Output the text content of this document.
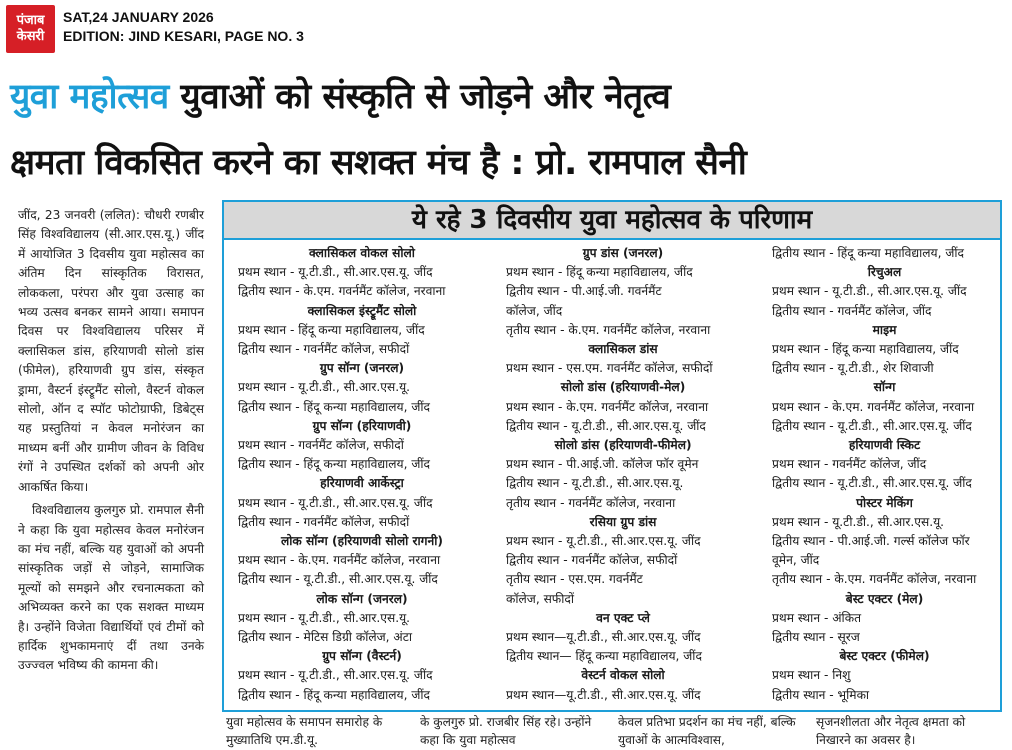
पंजाब
केसरी
SAT,24 JANUARY 2026
EDITION: JIND KESARI, PAGE NO. 3
युवा महोत्सव युवाओं को संस्कृति से जोड़ने और नेतृत्व
क्षमता विकसित करने का सशक्त मंच है : प्रो. रामपाल सैनी

जींद, 23 जनवरी (ललित): चौधरी रणबीर सिंह विश्वविद्यालय (सी.आर.एस.यू.) जींद में आयोजित 3 दिवसीय युवा महोत्सव का अंतिम दिन सांस्कृतिक विरासत, लोककला, परंपरा और युवा उत्साह का भव्य उत्सव बनकर सामने आया। समापन दिवस पर विश्वविद्यालय परिसर में क्लासिकल डांस, हरियाणवी सोलो डांस (फीमेल), हरियाणवी ग्रुप डांस, संस्कृत ड्रामा, वैस्टर्न इंस्ट्रूमैंट सोलो, वैस्टर्न वोकल सोलो, ऑन द स्पॉट फोटोग्राफी, डिबेट्स यह प्रस्तुतियां न केवल मनोरंजन का माध्यम बनीं और ग्रामीण जीवन के विविध रंगों ने उपस्थित दर्शकों को अपनी ओर आकर्षित किया।

विश्वविद्यालय कुलगुरु प्रो. रामपाल सैनी ने कहा कि युवा महोत्सव केवल मनोरंजन का मंच नहीं, बल्कि यह युवाओं को अपनी सांस्कृतिक जड़ों से जोड़ने, सामाजिक मूल्यों को समझने और रचनात्मकता को अभिव्यक्त करने का एक सशक्त माध्यम है। उन्होंने विजेता विद्यार्थियों एवं टीमों को हार्दिक शुभकामनाएं दीं तथा उनके उज्ज्वल भविष्य की कामना की।

ये रहे 3 दिवसीय युवा महोत्सव के परिणाम
क्लासिकल वोकल सोलो
प्रथम स्थान - यू.टी.डी., सी.आर.एस.यू. जींद
द्वितीय स्थान - के.एम. गवर्नमैंट कॉलेज, नरवाना
क्लासिकल इंस्ट्रूमैंट सोलो
प्रथम स्थान - हिंदू कन्या महाविद्यालय, जींद
द्वितीय स्थान - गवर्नमैंट कॉलेज, सफीदों
ग्रुप सॉन्ग (जनरल)
प्रथम स्थान - यू.टी.डी., सी.आर.एस.यू.
द्वितीय स्थान - हिंदू कन्या महाविद्यालय, जींद
ग्रुप सॉन्ग (हरियाणवी)
प्रथम स्थान - गवर्नमैंट कॉलेज, सफीदों
द्वितीय स्थान - हिंदू कन्या महाविद्यालय, जींद
हरियाणवी आर्केस्ट्रा
प्रथम स्थान - यू.टी.डी., सी.आर.एस.यू. जींद
द्वितीय स्थान - गवर्नमैंट कॉलेज, सफीदों
लोक सॉन्ग (हरियाणवी सोलो रागनी)
प्रथम स्थान - के.एम. गवर्नमैंट कॉलेज, नरवाना
द्वितीय स्थान - यू.टी.डी., सी.आर.एस.यू. जींद
लोक सॉन्ग (जनरल)
प्रथम स्थान - यू.टी.डी., सी.आर.एस.यू.
द्वितीय स्थान - मेटिस डिग्री कॉलेज, अंटा
ग्रुप सॉन्ग (वैस्टर्न)
प्रथम स्थान - यू.टी.डी., सी.आर.एस.यू. जींद
द्वितीय स्थान - हिंदू कन्या महाविद्यालय, जींद
ग्रुप डांस (जनरल)
प्रथम स्थान - हिंदू कन्या महाविद्यालय, जींद
द्वितीय स्थान - पी.आई.जी. गवर्नमैंट
कॉलेज, जींद
तृतीय स्थान - के.एम. गवर्नमैंट कॉलेज, नरवाना
क्लासिकल डांस
प्रथम स्थान - एस.एम. गवर्नमैंट कॉलेज, सफीदों
सोलो डांस (हरियाणवी-मेल)
प्रथम स्थान - के.एम. गवर्नमैंट कॉलेज, नरवाना
द्वितीय स्थान - यू.टी.डी., सी.आर.एस.यू. जींद
सोलो डांस (हरियाणवी-फीमेल)
प्रथम स्थान - पी.आई.जी. कॉलेज फॉर वूमेन
द्वितीय स्थान - यू.टी.डी., सी.आर.एस.यू.
तृतीय स्थान - गवर्नमैंट कॉलेज, नरवाना
रसिया ग्रुप डांस
प्रथम स्थान - यू.टी.डी., सी.आर.एस.यू. जींद
द्वितीय स्थान - गवर्नमैंट कॉलेज, सफीदों
तृतीय स्थान - एस.एम. गवर्नमैंट
कॉलेज, सफीदों
वन एक्ट प्ले
प्रथम स्थान—यू.टी.डी., सी.आर.एस.यू. जींद
द्वितीय स्थान— हिंदू कन्या महाविद्यालय, जींद
वेस्टर्न वोकल सोलो
प्रथम स्थान—यू.टी.डी., सी.आर.एस.यू. जींद
द्वितीय स्थान - हिंदू कन्या महाविद्यालय, जींद
रिचुअल
प्रथम स्थान - यू.टी.डी., सी.आर.एस.यू. जींद
द्वितीय स्थान - गवर्नमैंट कॉलेज, जींद
माइम
प्रथम स्थान - हिंदू कन्या महाविद्यालय, जींद
द्वितीय स्थान - यू.टी.डी., शेर शिवाजी
सॉन्ग
प्रथम स्थान - के.एम. गवर्नमैंट कॉलेज, नरवाना
द्वितीय स्थान - यू.टी.डी., सी.आर.एस.यू. जींद
हरियाणवी स्किट
प्रथम स्थान - गवर्नमैंट कॉलेज, जींद
द्वितीय स्थान - यू.टी.डी., सी.आर.एस.यू. जींद
पोस्टर मेकिंग
प्रथम स्थान - यू.टी.डी., सी.आर.एस.यू.
द्वितीय स्थान - पी.आई.जी. गर्ल्स कॉलेज फॉर
वूमेन, जींद
तृतीय स्थान - के.एम. गवर्नमैंट कॉलेज, नरवाना
बेस्ट एक्टर (मेल)
प्रथम स्थान - अंकित
द्वितीय स्थान - सूरज
बेस्ट एक्टर (फीमेल)
प्रथम स्थान - निशु
द्वितीय स्थान - भूमिका
युवा महोत्सव के समापन समारोह के मुख्यातिथि एम.डी.यू.
के कुलगुरु प्रो. राजबीर सिंह रहे। उन्होंने कहा कि युवा महोत्सव
केवल प्रतिभा प्रदर्शन का मंच नहीं, बल्कि युवाओं के आत्मविश्वास,
सृजनशीलता और नेतृत्व क्षमता को निखारने का अवसर है।
